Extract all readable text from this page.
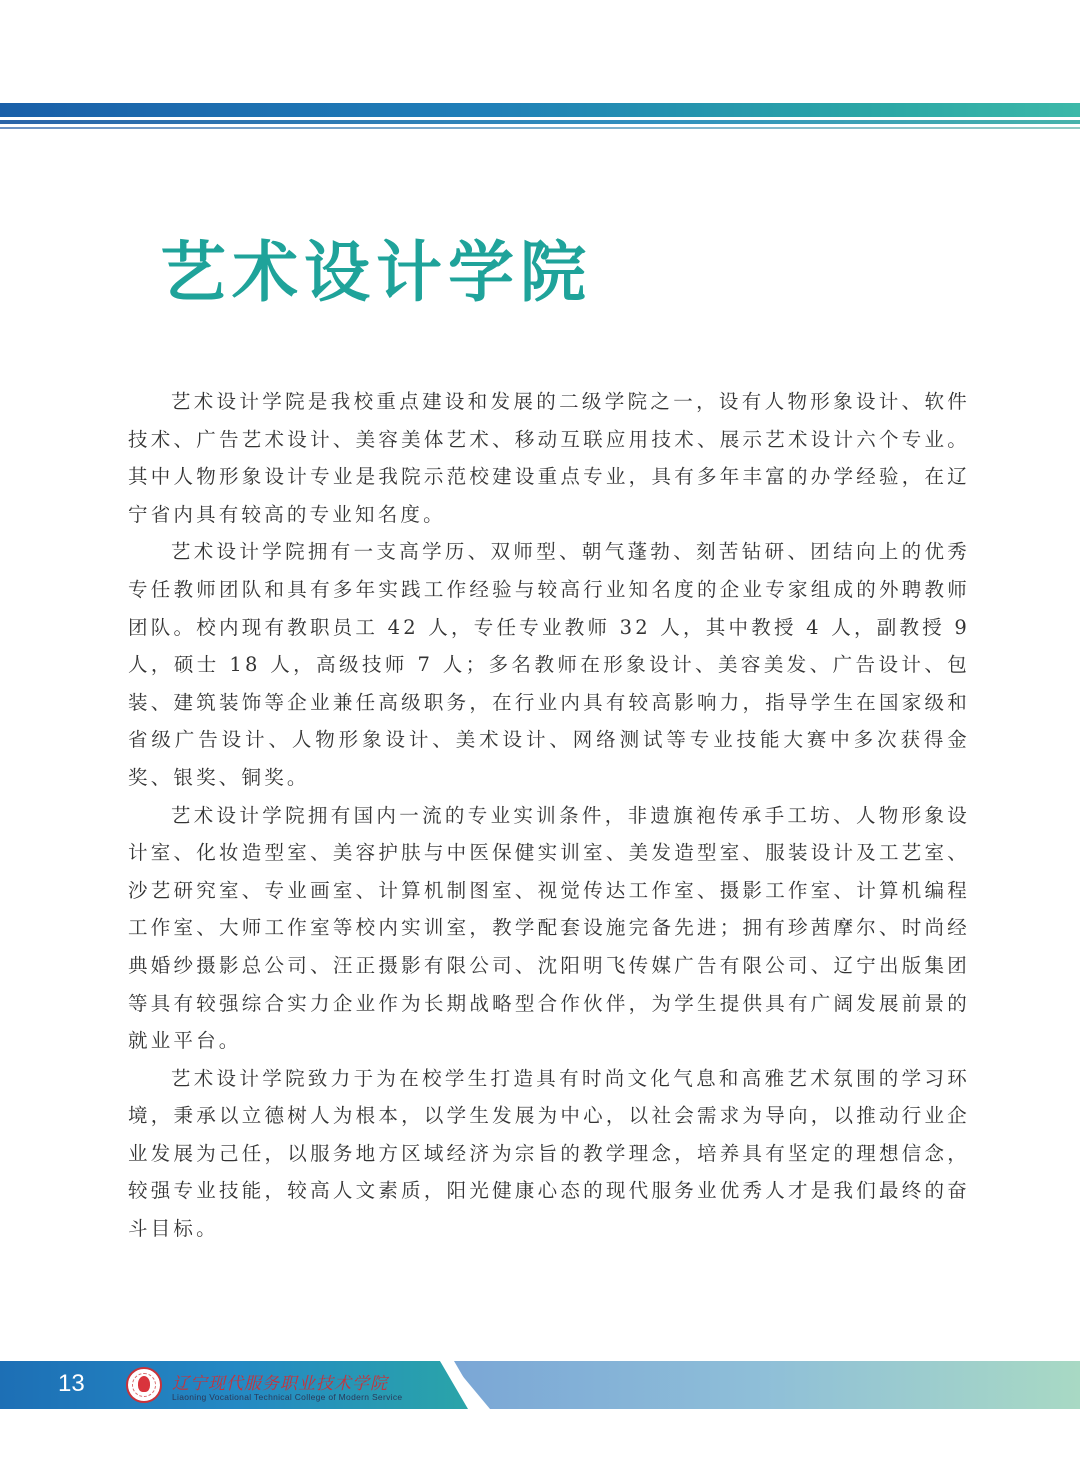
艺术设计学院

艺术设计学院是我校重点建设和发展的二级学院之一，设有人物形象设计、软件技术、广告艺术设计、美容美体艺术、移动互联应用技术、展示艺术设计六个专业。其中人物形象设计专业是我院示范校建设重点专业，具有多年丰富的办学经验，在辽宁省内具有较高的专业知名度。

艺术设计学院拥有一支高学历、双师型、朝气蓬勃、刻苦钻研、团结向上的优秀专任教师团队和具有多年实践工作经验与较高行业知名度的企业专家组成的外聘教师团队。校内现有教职员工 42 人，专任专业教师 32 人，其中教授 4 人，副教授 9 人，硕士 18 人，高级技师 7 人；多名教师在形象设计、美容美发、广告设计、包装、建筑装饰等企业兼任高级职务，在行业内具有较高影响力，指导学生在国家级和省级广告设计、人物形象设计、美术设计、网络测试等专业技能大赛中多次获得金奖、银奖、铜奖。

艺术设计学院拥有国内一流的专业实训条件，非遗旗袍传承手工坊、人物形象设计室、化妆造型室、美容护肤与中医保健实训室、美发造型室、服装设计及工艺室、沙艺研究室、专业画室、计算机制图室、视觉传达工作室、摄影工作室、计算机编程工作室、大师工作室等校内实训室，教学配套设施完备先进；拥有珍茜摩尔、时尚经典婚纱摄影总公司、汪正摄影有限公司、沈阳明飞传媒广告有限公司、辽宁出版集团等具有较强综合实力企业作为长期战略型合作伙伴，为学生提供具有广阔发展前景的就业平台。

艺术设计学院致力于为在校学生打造具有时尚文化气息和高雅艺术氛围的学习环境，秉承以立德树人为根本，以学生发展为中心，以社会需求为导向，以推动行业企业发展为己任，以服务地方区域经济为宗旨的教学理念，培养具有坚定的理想信念，较强专业技能，较高人文素质，阳光健康心态的现代服务业优秀人才是我们最终的奋斗目标。

13	辽宁现代服务职业技术学院
Liaoning Vocational Technical College of Modern Service
